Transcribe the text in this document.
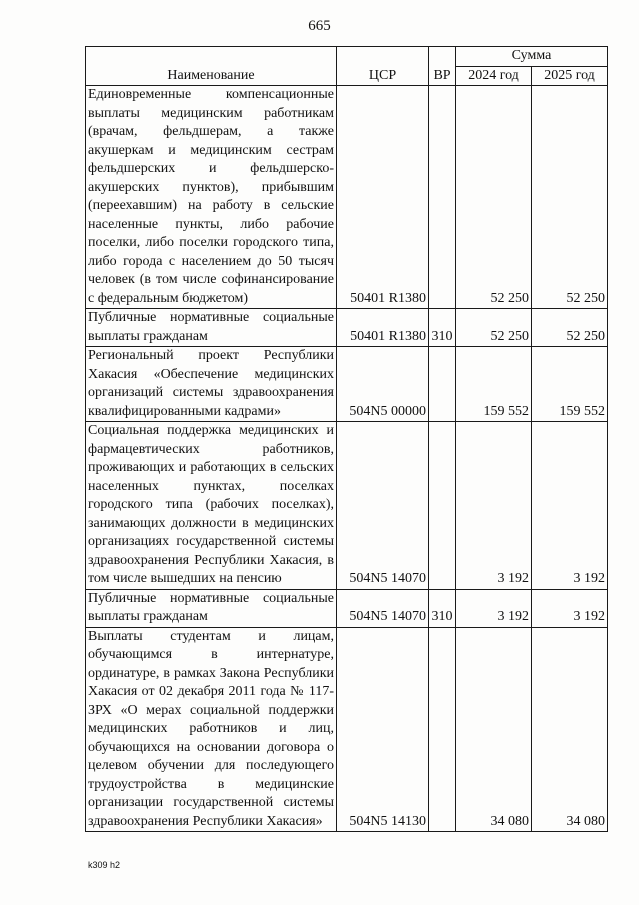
665
Наименование	ЦСР	ВР	Сумма	
			2024 год	2025 год
Единовременные компенсационные выплаты медицинским работникам (врачам, фельдшерам, а также акушеркам и медицинским сестрам фельдшерских и фельдшерско-акушерских пунктов), прибывшим (переехавшим) на работу в сельские населенные пункты, либо рабочие поселки, либо поселки городского типа, либо города с населением до 50 тысяч человек (в том числе софинансирование с федеральным бюджетом)	50401 R1380		52 250	52 250
Публичные нормативные социальные выплаты гражданам	50401 R1380	310	52 250	52 250
Региональный проект Республики Хакасия «Обеспечение медицинских организаций системы здравоохранения квалифицированными кадрами»	504N5 00000		159 552	159 552
Социальная поддержка медицинских и фармацевтических работников, проживающих и работающих в сельских населенных пунктах, поселках городского типа (рабочих поселках), занимающих должности в медицинских организациях государственной системы здравоохранения Республики Хакасия, в том числе вышедших на пенсию	504N5 14070		3 192	3 192
Публичные нормативные социальные выплаты гражданам	504N5 14070	310	3 192	3 192
Выплаты студентам и лицам, обучающимся в интернатуре, ординатуре, в рамках Закона Республики Хакасия от 02 декабря 2011 года № 117-ЗРХ «О мерах социальной поддержки медицинских работников и лиц, обучающихся на основании договора о целевом обучении для последующего трудоустройства в медицинские организации государственной системы здравоохранения Республики Хакасия»	504N5 14130		34 080	34 080
k309 h2
